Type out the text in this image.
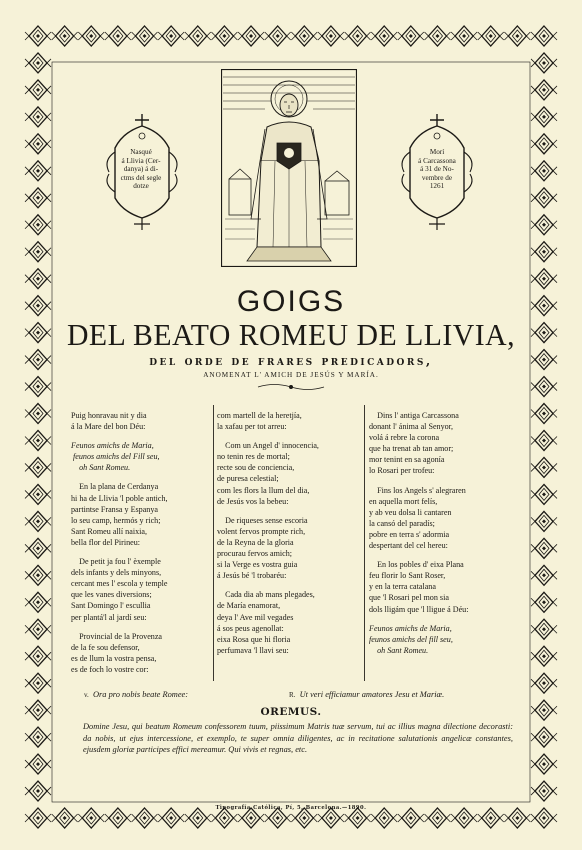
Nasqué
á Llivia (Cer-
danya) á di-
ctms del segle
dotze
Morí
á Carcassona
á 31 de No-
vembre de
1261
GOIGS
DEL BEATO ROMEU DE LLIVIA,
del orde de frares predicadors,
ANOMENAT L' AMICH DE JESÚS Y MARÍA.
Puig honravau nit y dia
á la Mare del bon Déu:
Feunos amichs de Maria,
feunos amichs del Fill seu,
oh Sant Romeu.
En la plana de Cerdanya
hi ha de Llivia 'l poble antich,
partintse Fransa y Espanya
lo seu camp, hermós y rich;
Sant Romeu allí naixia,
bella flor del Pirineu:
De petit ja fou l' èxemple
dels infants y dels minyons,
cercant mes l' escola y temple
que les vanes diversions;
Sant Domingo l' escullia
per plantá'l al jardí seu:
Provincial de la Provenza
de la fe sou defensor,
es de llum la vostra pensa,
es de foch lo vostre cor:
com martell de la heretjía,
la xafau per tot arreu:
Com un Angel d' innocencia,
no tenin res de mortal;
recte sou de conciencia,
de puresa celestial;
com les flors la llum del dia,
de Jesús vos la bebeu:
De riqueses sense escoria
volent fervos prompte rich,
de la Reyna de la gloria
procurau fervos amich;
si la Verge es vostra guia
á Jesús bé 'l trobaréu:
Cada dia ab mans plegades,
de María enamorat,
deya l' Ave mil vegades
á sos peus agenollat:
eixa Rosa que hi floria
perfumava 'l llavi seu:
Dins l' antiga Carcassona
donant l' ánima al Senyor,
volá á rebre la corona
que ha trenat ab tan amor;
mor tenint en sa agonía
lo Rosari per trofeu:
Fins los Angels s' alegraren
en aquella mort felís,
y ab veu dolsa li cantaren
la cansó del paradís;
pobre en terra s' adormia
despertant del cel hereu:
En los pobles d' eixa Plana
feu florir lo Sant Roser,
y en la terra catalana
que 'l Rosari pel mon sia
dols lligám que 'l lligue á Déu:
Feunos amichs de Maria,
feunos amichs del fill seu,
oh Sant Romeu.
v. Ora pro nobis beate Romee:	R. Ut veri efficiamur amatores Jesu et Mariæ.
OREMUS.
Domine Jesu, qui beatum Romeum confessorem tuum, piissimum Matris tuæ servum, tui ac illius magna dilectione decorasti: da nobis, ut ejus intercessione, et exemplo, te super omnia diligentes, ac in recitatione salutationis angelicæ constantes, ejusdem gloriæ participes effici mereamur. Qui vivis et regnas, etc.
Tipografía Católica, Pí, 5, Barcelona.—1890.
